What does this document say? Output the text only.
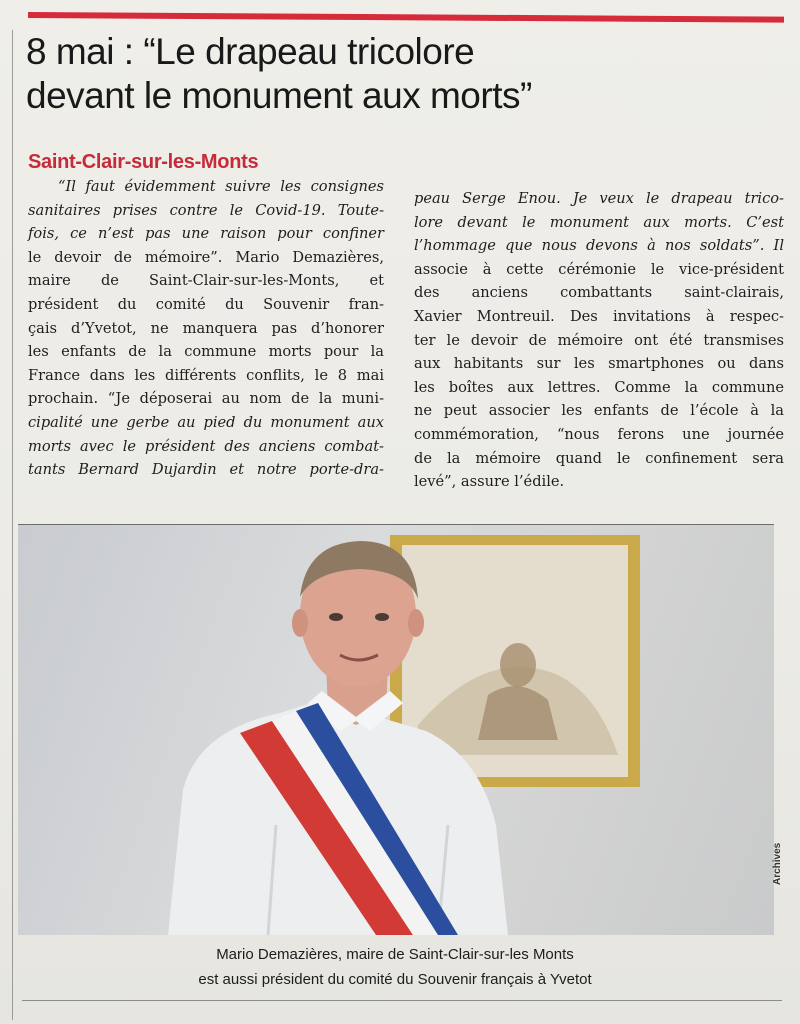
8 mai : “Le drapeau tricolore
devant le monument aux morts”
Saint-Clair-sur-les-Monts
“Il faut évidemment suivre les consignes
sanitaires prises contre le Covid-19. Toute-
fois, ce n’est pas une raison pour confiner
le devoir de mémoire”. Mario Demazières,
maire de Saint-Clair-sur-les-Monts, et
président du comité du Souvenir fran-
çais d’Yvetot, ne manquera pas d’honorer
les enfants de la commune morts pour la
France dans les différents conflits, le 8 mai
prochain. “Je déposerai au nom de la muni-
cipalité une gerbe au pied du monument aux
morts avec le président des anciens combat-
tants Bernard Dujardin et notre porte-dra-
peau Serge Enou. Je veux le drapeau trico-
lore devant le monument aux morts. C’est
l’hommage que nous devons à nos soldats”. Il
associe à cette cérémonie le vice-président
des anciens combattants saint-clairais,
Xavier Montreuil. Des invitations à respec-
ter le devoir de mémoire ont été transmises
aux habitants sur les smartphones ou dans
les boîtes aux lettres. Comme la commune
ne peut associer les enfants de l’école à la
commémoration, “nous ferons une journée
de la mémoire quand le confinement sera
levé”, assure l’édile.
Archives
Mario Demazières, maire de Saint-Clair-sur-les Monts
est aussi président du comité du Souvenir français à Yvetot
